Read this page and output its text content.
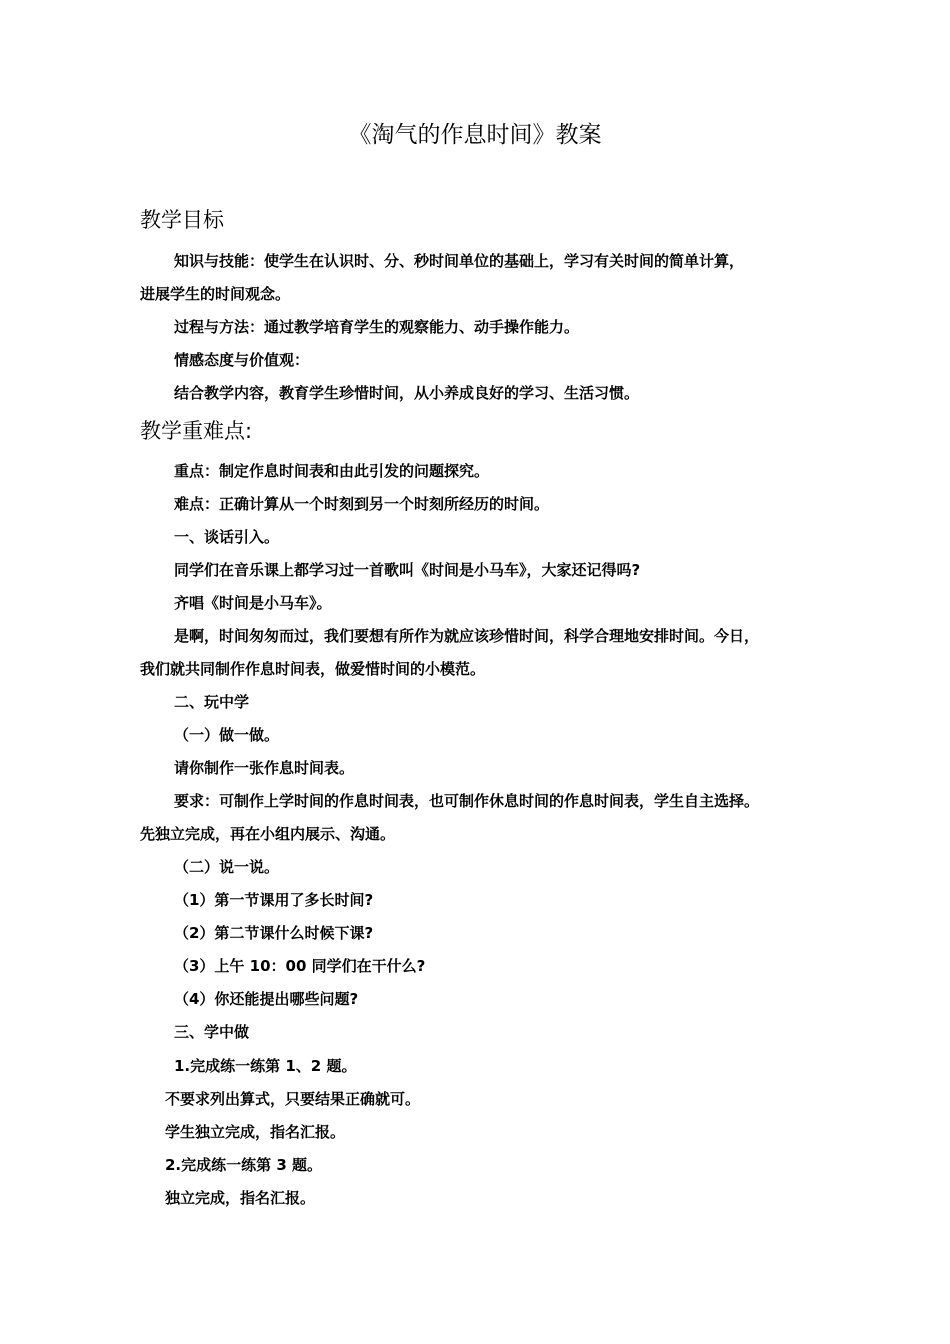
《淘气的作息时间》教案
教学目标
知识与技能：使学生在认识时、分、秒时间单位的基础上，学习有关时间的简单计算，
进展学生的时间观念。
过程与方法：通过教学培育学生的观察能力、动手操作能力。
情感态度与价值观：
结合教学内容，教育学生珍惜时间，从小养成良好的学习、生活习惯。
教学重难点:
重点：制定作息时间表和由此引发的问题探究。
难点：正确计算从一个时刻到另一个时刻所经历的时间。
一、谈话引入。
同学们在音乐课上都学习过一首歌叫《时间是小马车》，大家还记得吗?
齐唱《时间是小马车》。
是啊，时间匆匆而过，我们要想有所作为就应该珍惜时间，科学合理地安排时间。今日，
我们就共同制作作息时间表，做爱惜时间的小模范。
二、玩中学
（一）做一做。
请你制作一张作息时间表。
要求：可制作上学时间的作息时间表，也可制作休息时间的作息时间表，学生自主选择。
先独立完成，再在小组内展示、沟通。
（二）说一说。
（1）第一节课用了多长时间?
（2）第二节课什么时候下课?
（3）上午 10：00 同学们在干什么?
（4）你还能提出哪些问题?
三、学中做
1.完成练一练第 1、2 题。
不要求列出算式，只要结果正确就可。
学生独立完成，指名汇报。
2.完成练一练第 3 题。
独立完成，指名汇报。
